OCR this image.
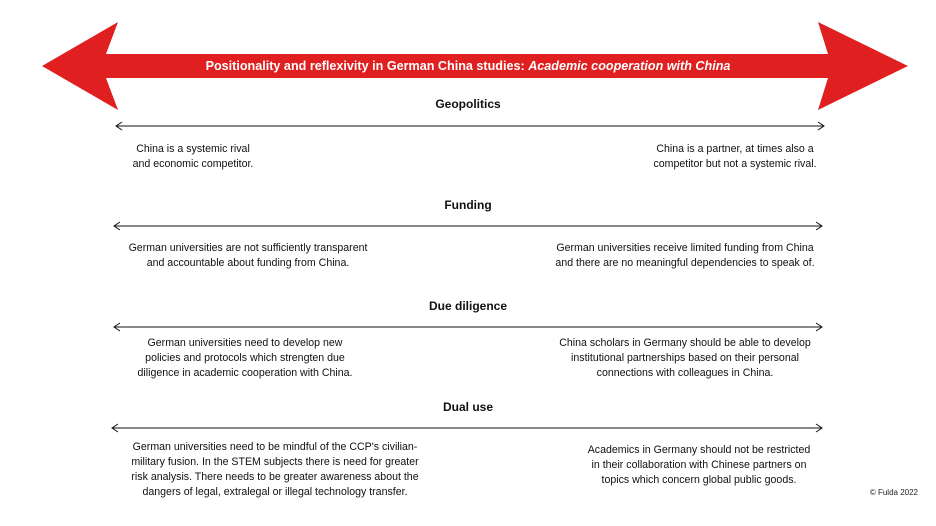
Positionality and reflexivity in German China studies: Academic cooperation with China
Geopolitics
China is a systemic rival
and economic competitor.
China is a partner, at times also a
competitor but not a systemic rival.
Funding
German universities are not sufficiently transparent
and accountable about funding from China.
German universities receive limited funding from China
and there are no meaningful dependencies to speak of.
Due diligence
German universities need to develop new
policies and protocols which strengten due
diligence in academic cooperation with China.
China scholars in Germany should be able to develop
institutional partnerships based on their personal
connections with colleagues in China.
Dual use
German universities need to be mindful of the CCP's civilian-
military fusion. In the STEM subjects there is need for greater
risk analysis. There needs to be greater awareness about the
dangers of legal, extralegal or illegal technology transfer.
Academics in Germany should not be restricted
in their collaboration with Chinese partners on
topics which concern global public goods.
© Fulda 2022
